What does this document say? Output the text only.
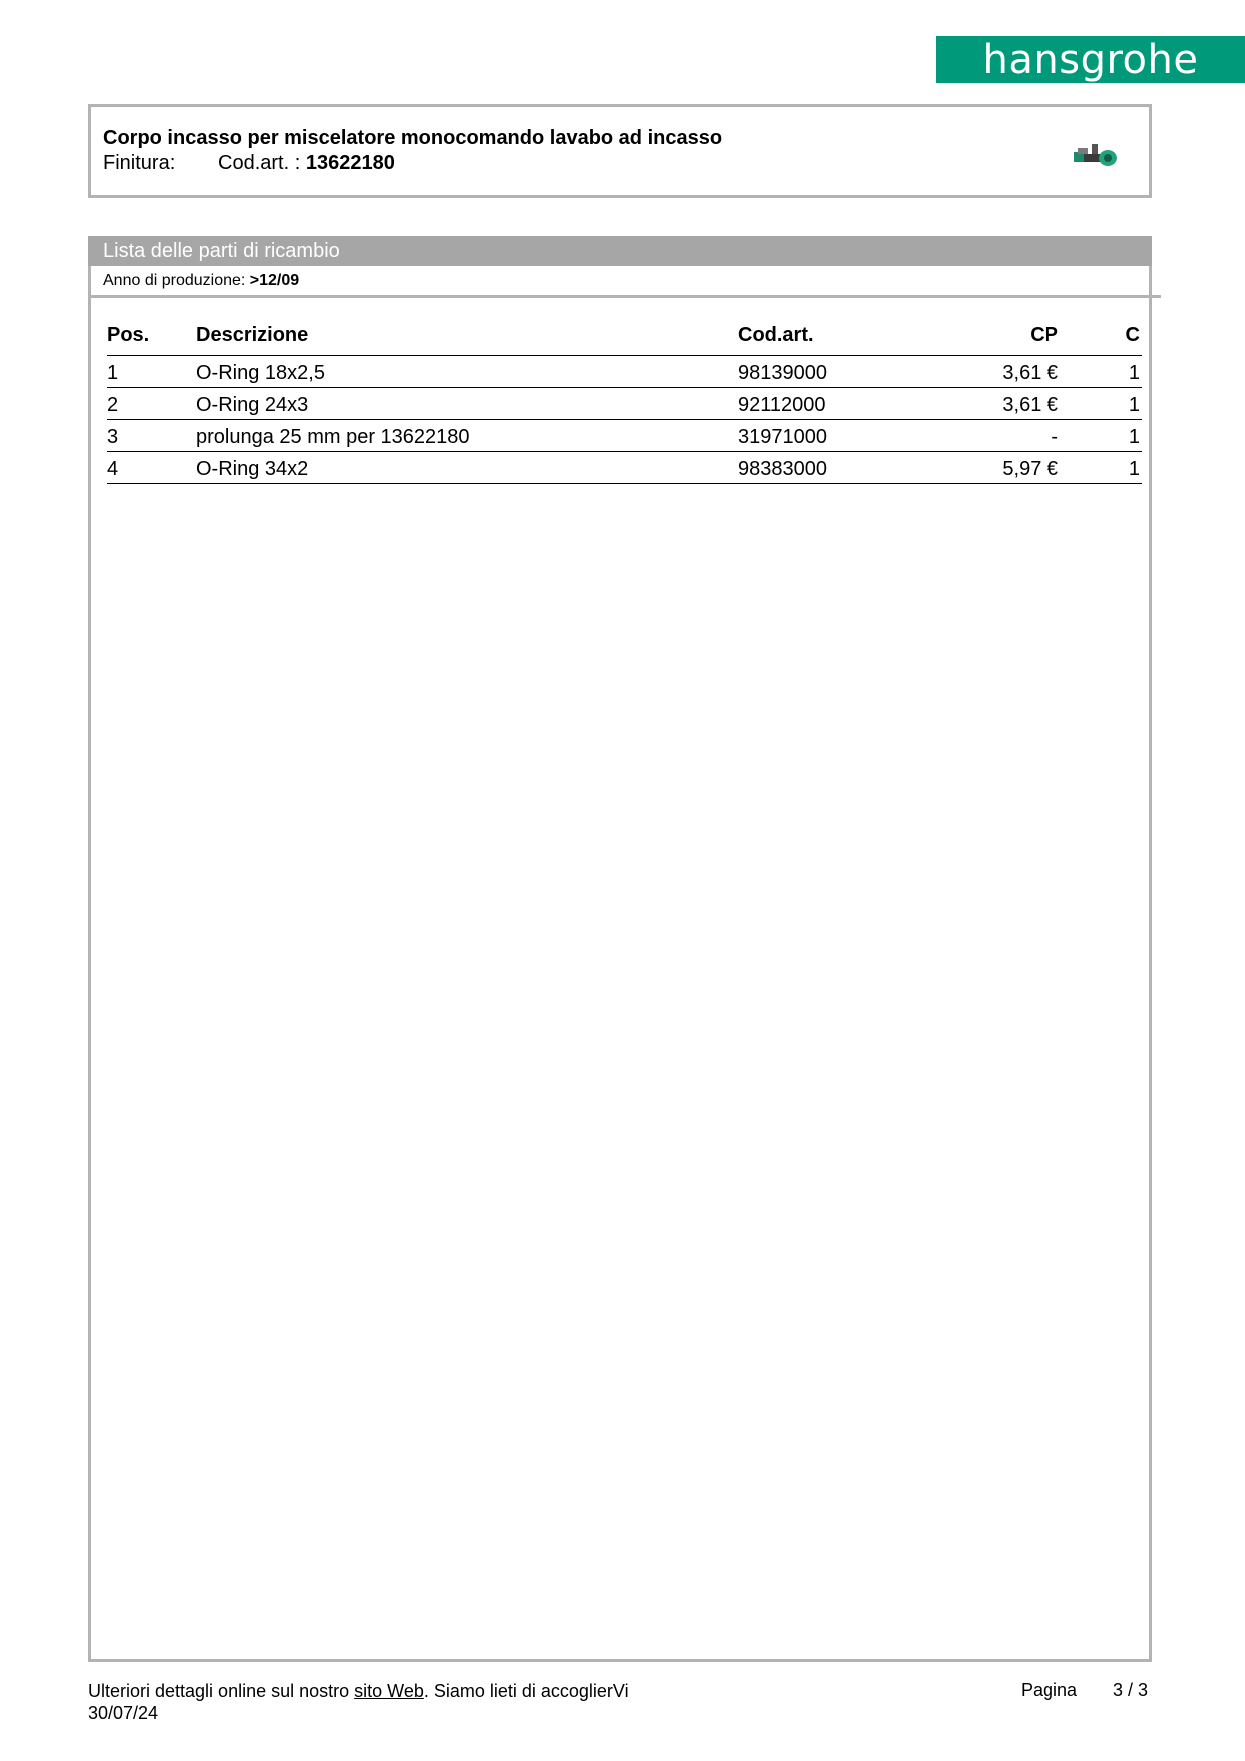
hansgrohe
Corpo incasso per miscelatore monocomando lavabo ad incasso
Finitura: Cod.art. : 13622180
Lista delle parti di ricambio
Anno di produzione: >12/09
Pos. Descrizione	Cod.art.	CP	C
1	O-Ring 18x2,5	98139000	3,61 €	1
2	O-Ring 24x3	92112000	3,61 €	1
3	prolunga 25 mm per 13622180	31971000	-	1
4	O-Ring 34x2	98383000	5,97 €	1
Ulteriori dettagli online sul nostro sito Web. Siamo lieti di accoglierVi
30/07/24
Pagina 3 / 3
